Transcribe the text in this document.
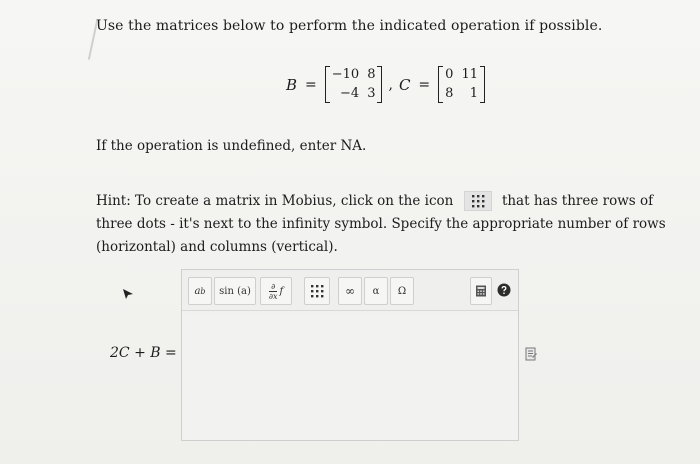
Use the matrices below to perform the indicated operation if possible.
B =
−10 8
−4 3
, C =
0 11
8	1
If the operation is undefined, enter NA.
Hint: To create a matrix in Mobius, click on the icon	that has three rows of three dots - it's next to the infinity symbol. Specify the appropriate number of rows (horizontal) and columns (vertical).
a b sin (a)	∂
∂x f	∞ α Ω
2C + B =
